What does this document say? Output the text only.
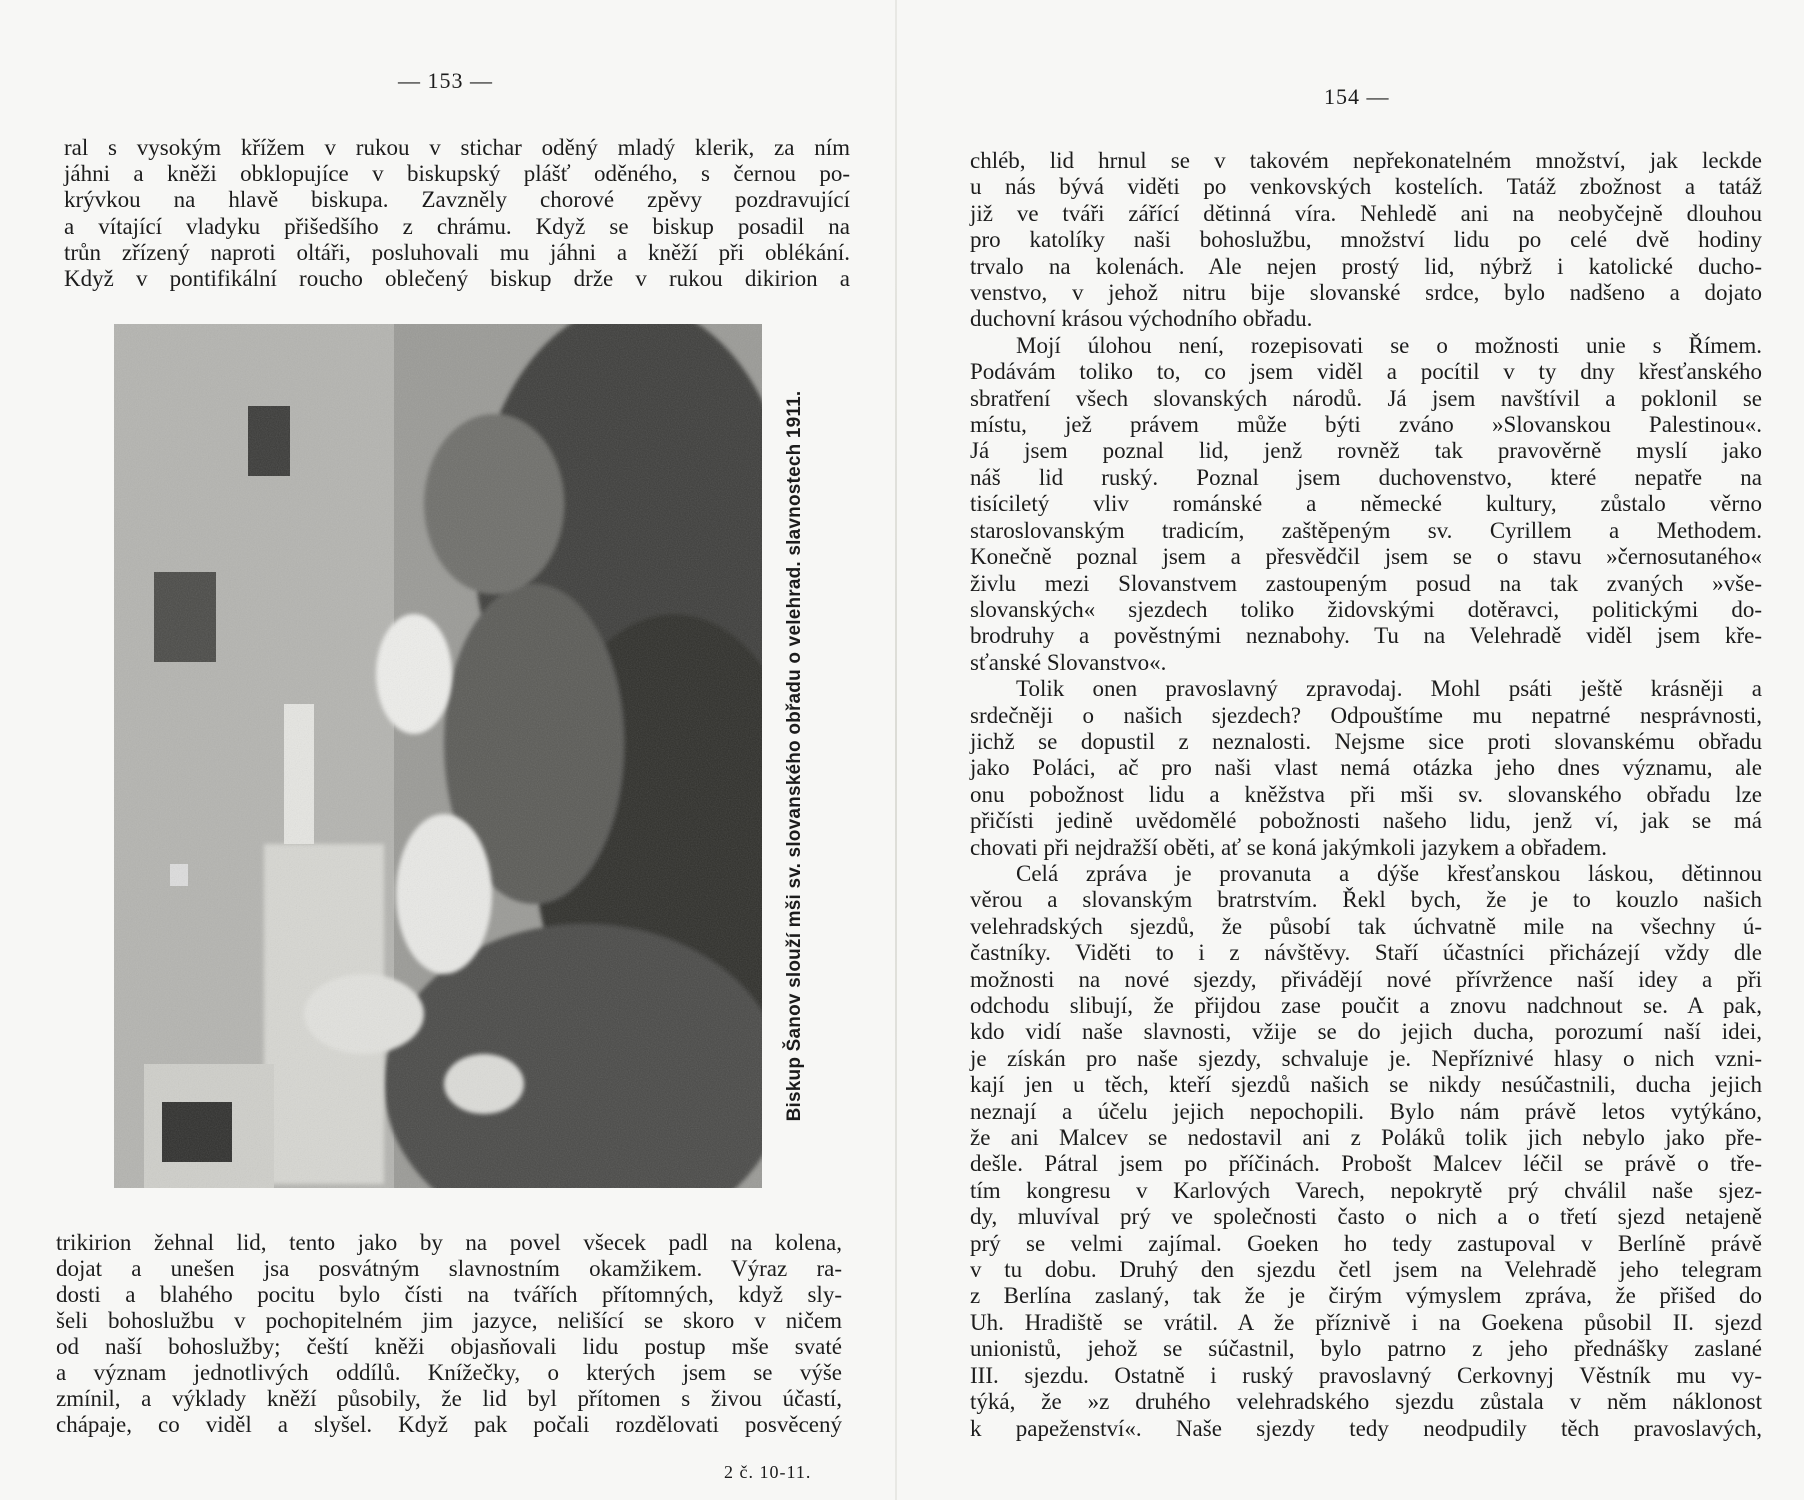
— 153 —

ral s vysokým křížem v rukou v stichar oděný mladý klerik, za ním

jáhni a kněži obklopujíce v biskupský plášť oděného, s černou po-

krývkou na hlavě biskupa. Zavzněly chorové zpěvy pozdravující

a vítající vladyku přišedšího z chrámu. Když se biskup posadil na

trůn zřízený naproti oltáři, posluhovali mu jáhni a kněží při oblékání.

Když v pontifikální roucho oblečený biskup drže v rukou dikirion a

Biskup Šanov slouží mši sv. slovanského obřadu o velehrad. slavnostech 1911.

trikirion žehnal lid, tento jako by na povel všecek padl na kolena,

dojat a unešen jsa posvátným slavnostním okamžikem. Výraz ra-

dosti a blahého pocitu bylo čísti na tvářích přítomných, když sly-

šeli bohoslužbu v pochopitelném jim jazyce, nelišící se skoro v ničem

od naší bohoslužby; čeští kněži objasňovali lidu postup mše svaté

a význam jednotlivých oddílů. Knížečky, o kterých jsem se výše

zmínil, a výklady kněží působily, že lid byl přítomen s živou účastí,

chápaje, co viděl a slyšel. Když pak počali rozdělovati posvěcený

2 č. 10-11.
154 —

chléb, lid hrnul se v takovém nepřekonatelném množství, jak leckde

u nás bývá viděti po venkovských kostelích. Tatáž zbožnost a tatáž

již ve tváři zářící dětinná víra. Nehledě ani na neobyčejně dlouhou

pro katolíky naši bohoslužbu, množství lidu po celé dvě hodiny

trvalo na kolenách. Ale nejen prostý lid, nýbrž i katolické ducho-

venstvo, v jehož nitru bije slovanské srdce, bylo nadšeno a dojato

duchovní krásou východního obřadu.

Mojí úlohou není, rozepisovati se o možnosti unie s Římem.

Podávám toliko to, co jsem viděl a pocítil v ty dny křesťanského

sbratření všech slovanských národů. Já jsem navštívil a poklonil se

místu, jež právem může býti zváno »Slovanskou Palestinou«.

Já jsem poznal lid, jenž rovněž tak pravověrně myslí jako

náš lid ruský. Poznal jsem duchovenstvo, které nepatře na

tisíciletý vliv románské a německé kultury, zůstalo věrno

staroslovanským tradicím, zaštěpeným sv. Cyrillem a Methodem.

Konečně poznal jsem a přesvědčil jsem se o stavu »černosutaného«

živlu mezi Slovanstvem zastoupeným posud na tak zvaných »vše-

slovanských« sjezdech toliko židovskými dotěravci, politickými do-

brodruhy a pověstnými neznabohy. Tu na Velehradě viděl jsem kře-

sťanské Slovanstvo«.

Tolik onen pravoslavný zpravodaj. Mohl psáti ještě krásněji a

srdečněji o našich sjezdech? Odpouštíme mu nepatrné nesprávnosti,

jichž se dopustil z neznalosti. Nejsme sice proti slovanskému obřadu

jako Poláci, ač pro naši vlast nemá otázka jeho dnes významu, ale

onu pobožnost lidu a kněžstva při mši sv. slovanského obřadu lze

přičísti jedině uvědomělé pobožnosti našeho lidu, jenž ví, jak se má

chovati při nejdražší oběti, ať se koná jakýmkoli jazykem a obřadem.

Celá zpráva je provanuta a dýše křesťanskou láskou, dětinnou

věrou a slovanským bratrstvím. Řekl bych, že je to kouzlo našich

velehradských sjezdů, že působí tak úchvatně mile na všechny ú-

častníky. Viděti to i z návštěvy. Staří účastníci přicházejí vždy dle

možnosti na nové sjezdy, přivádějí nové přívržence naší idey a při

odchodu slibují, že přijdou zase poučit a znovu nadchnout se. A pak,

kdo vidí naše slavnosti, vžije se do jejich ducha, porozumí naší idei,

je získán pro naše sjezdy, schvaluje je. Nepříznivé hlasy o nich vzni-

kají jen u těch, kteří sjezdů našich se nikdy nesúčastnili, ducha jejich

neznají a účelu jejich nepochopili. Bylo nám právě letos vytýkáno,

že ani Malcev se nedostavil ani z Poláků tolik jich nebylo jako pře-

dešle. Pátral jsem po příčinách. Probošt Malcev léčil se právě o tře-

tím kongresu v Karlových Varech, nepokrytě prý chválil naše sjez-

dy, mluvíval prý ve společnosti často o nich a o třetí sjezd netajeně

prý se velmi zajímal. Goeken ho tedy zastupoval v Berlíně právě

v tu dobu. Druhý den sjezdu četl jsem na Velehradě jeho telegram

z Berlína zaslaný, tak že je čirým výmyslem zpráva, že přišed do

Uh. Hradiště se vrátil. A že příznivě i na Goekena působil II. sjezd

unionistů, jehož se súčastnil, bylo patrno z jeho přednášky zaslané

III. sjezdu. Ostatně i ruský pravoslavný Cerkovnyj Věstník mu vy-

týká, že »z druhého velehradského sjezdu zůstala v něm náklonost

k papeženství«. Naše sjezdy tedy neodpudily těch pravoslavých,
